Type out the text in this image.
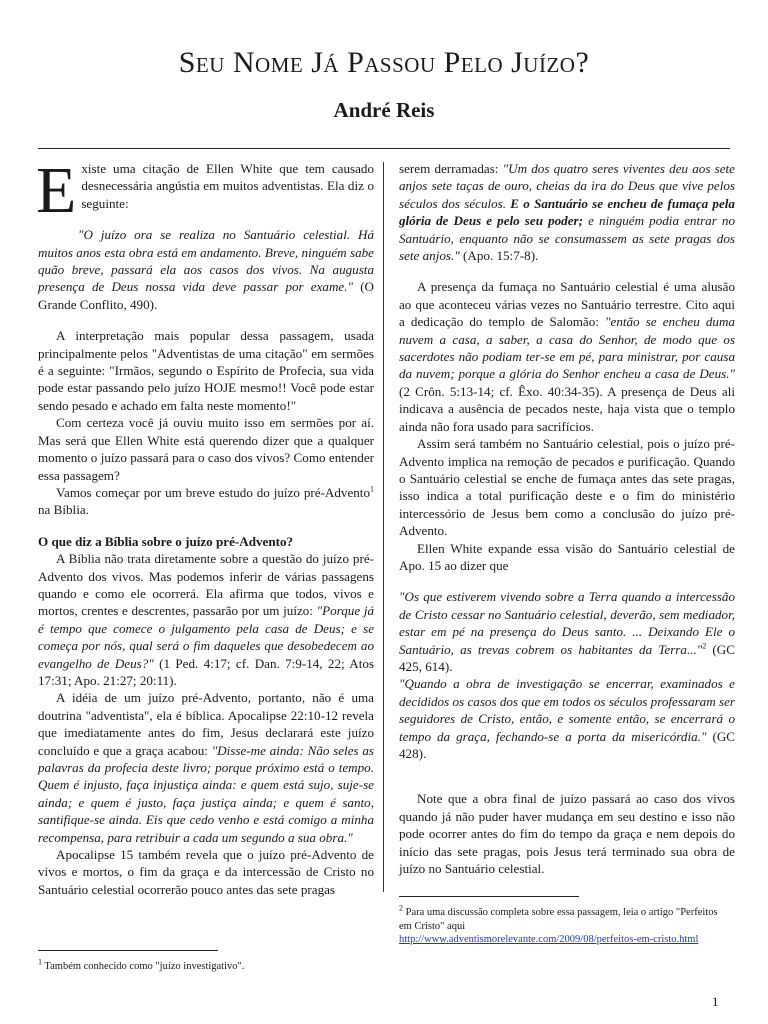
Seu Nome Já Passou Pelo Juízo?
André Reis

Existe uma citação de Ellen White que tem causado desnecessária angústia em muitos adventistas. Ela diz o seguinte:

"O juízo ora se realiza no Santuário celestial. Há muitos anos esta obra está em andamento. Breve, ninguém sabe quão breve, passará ela aos casos dos vivos. Na augusta presença de Deus nossa vida deve passar por exame." (O Grande Conflito, 490).

A interpretação mais popular dessa passagem, usada principalmente pelos "Adventistas de uma citação" em sermões é a seguinte: "Irmãos, segundo o Espírito de Profecia, sua vida pode estar passando pelo juízo HOJE mesmo!! Você pode estar sendo pesado e achado em falta neste momento!"

Com certeza você já ouviu muito isso em sermões por aí. Mas será que Ellen White está querendo dizer que a qualquer momento o juízo passará para o caso dos vivos? Como entender essa passagem?

Vamos começar por um breve estudo do juízo pré-Advento$^1$ na Bíblia.

O que diz a Bíblia sobre o juízo pré-Advento?

A Bíblia não trata diretamente sobre a questão do juízo pré-Advento dos vivos. Mas podemos inferir de várias passagens quando e como ele ocorrerá. Ela afirma que todos, vivos e mortos, crentes e descrentes, passarão por um juízo: "Porque já é tempo que comece o julgamento pela casa de Deus; e se começa por nós, qual será o fim daqueles que desobedecem ao evangelho de Deus?" (1 Ped. 4:17; cf. Dan. 7:9-14, 22; Atos 17:31; Apo. 21:27; 20:11).

A idéia de um juízo pré-Advento, portanto, não é uma doutrina "adventista", ela é bíblica. Apocalipse 22:10-12 revela que imediatamente antes do fim, Jesus declarará este juízo concluído e que a graça acabou: "Disse-me ainda: Não seles as palavras da profecia deste livro; porque próximo está o tempo. Quem é injusto, faça injustiça ainda: e quem está sujo, suje-se ainda; e quem é justo, faça justiça ainda; e quem é santo, santifique-se ainda. Eis que cedo venho e está comigo a minha recompensa, para retribuir a cada um segundo a sua obra."

Apocalipse 15 também revela que o juízo pré-Advento de vivos e mortos, o fim da graça e da intercessão de Cristo no Santuário celestial ocorrerão pouco antes das sete pragas

$^1$ Também conhecido como "juízo investigativo".

serem derramadas: "Um dos quatro seres viventes deu aos sete anjos sete taças de ouro, cheias da ira do Deus que vive pelos séculos dos séculos. E o Santuário se encheu de fumaça pela glória de Deus e pelo seu poder; e ninguém podia entrar no Santuário, enquanto não se consumassem as sete pragas dos sete anjos." (Apo. 15:7-8).

A presença da fumaça no Santuário celestial é uma alusão ao que aconteceu várias vezes no Santuário terrestre. Cito aqui a dedicação do templo de Salomão: "então se encheu duma nuvem a casa, a saber, a casa do Senhor, de modo que os sacerdotes não podiam ter-se em pé, para ministrar, por causa da nuvem; porque a glória do Senhor encheu a casa de Deus." (2 Crôn. 5:13-14; cf. Êxo. 40:34-35). A presença de Deus ali indicava a ausência de pecados neste, haja vista que o templo ainda não fora usado para sacrifícios.

Assim será também no Santuário celestial, pois o juízo pré-Advento implica na remoção de pecados e purificação. Quando o Santuário celestial se enche de fumaça antes das sete pragas, isso indica a total purificação deste e o fim do ministério intercessório de Jesus bem como a conclusão do juízo pré-Advento.

Ellen White expande essa visão do Santuário celestial de Apo. 15 ao dizer que

"Os que estiverem vivendo sobre a Terra quando a intercessão de Cristo cessar no Santuário celestial, deverão, sem mediador, estar em pé na presença do Deus santo. ... Deixando Ele o Santuário, as trevas cobrem os habitantes da Terra..."$^2$ (GC 425, 614).

"Quando a obra de investigação se encerrar, examinados e decididos os casos dos que em todos os séculos professaram ser seguidores de Cristo, então, e somente então, se encerrará o tempo da graça, fechando-se a porta da misericórdia." (GC 428).

Note que a obra final de juízo passará ao caso dos vivos quando já não puder haver mudança em seu destino e isso não pode ocorrer antes do fim do tempo da graça e nem depois do início das sete pragas, pois Jesus terá terminado sua obra de juízo no Santuário celestial.

$^2$ Para uma discussão completa sobre essa passagem, leia o artigo "Perfeitos em Cristo" aqui
http://www.adventismorelevante.com/2009/08/perfeitos-em-cristo.html
1
